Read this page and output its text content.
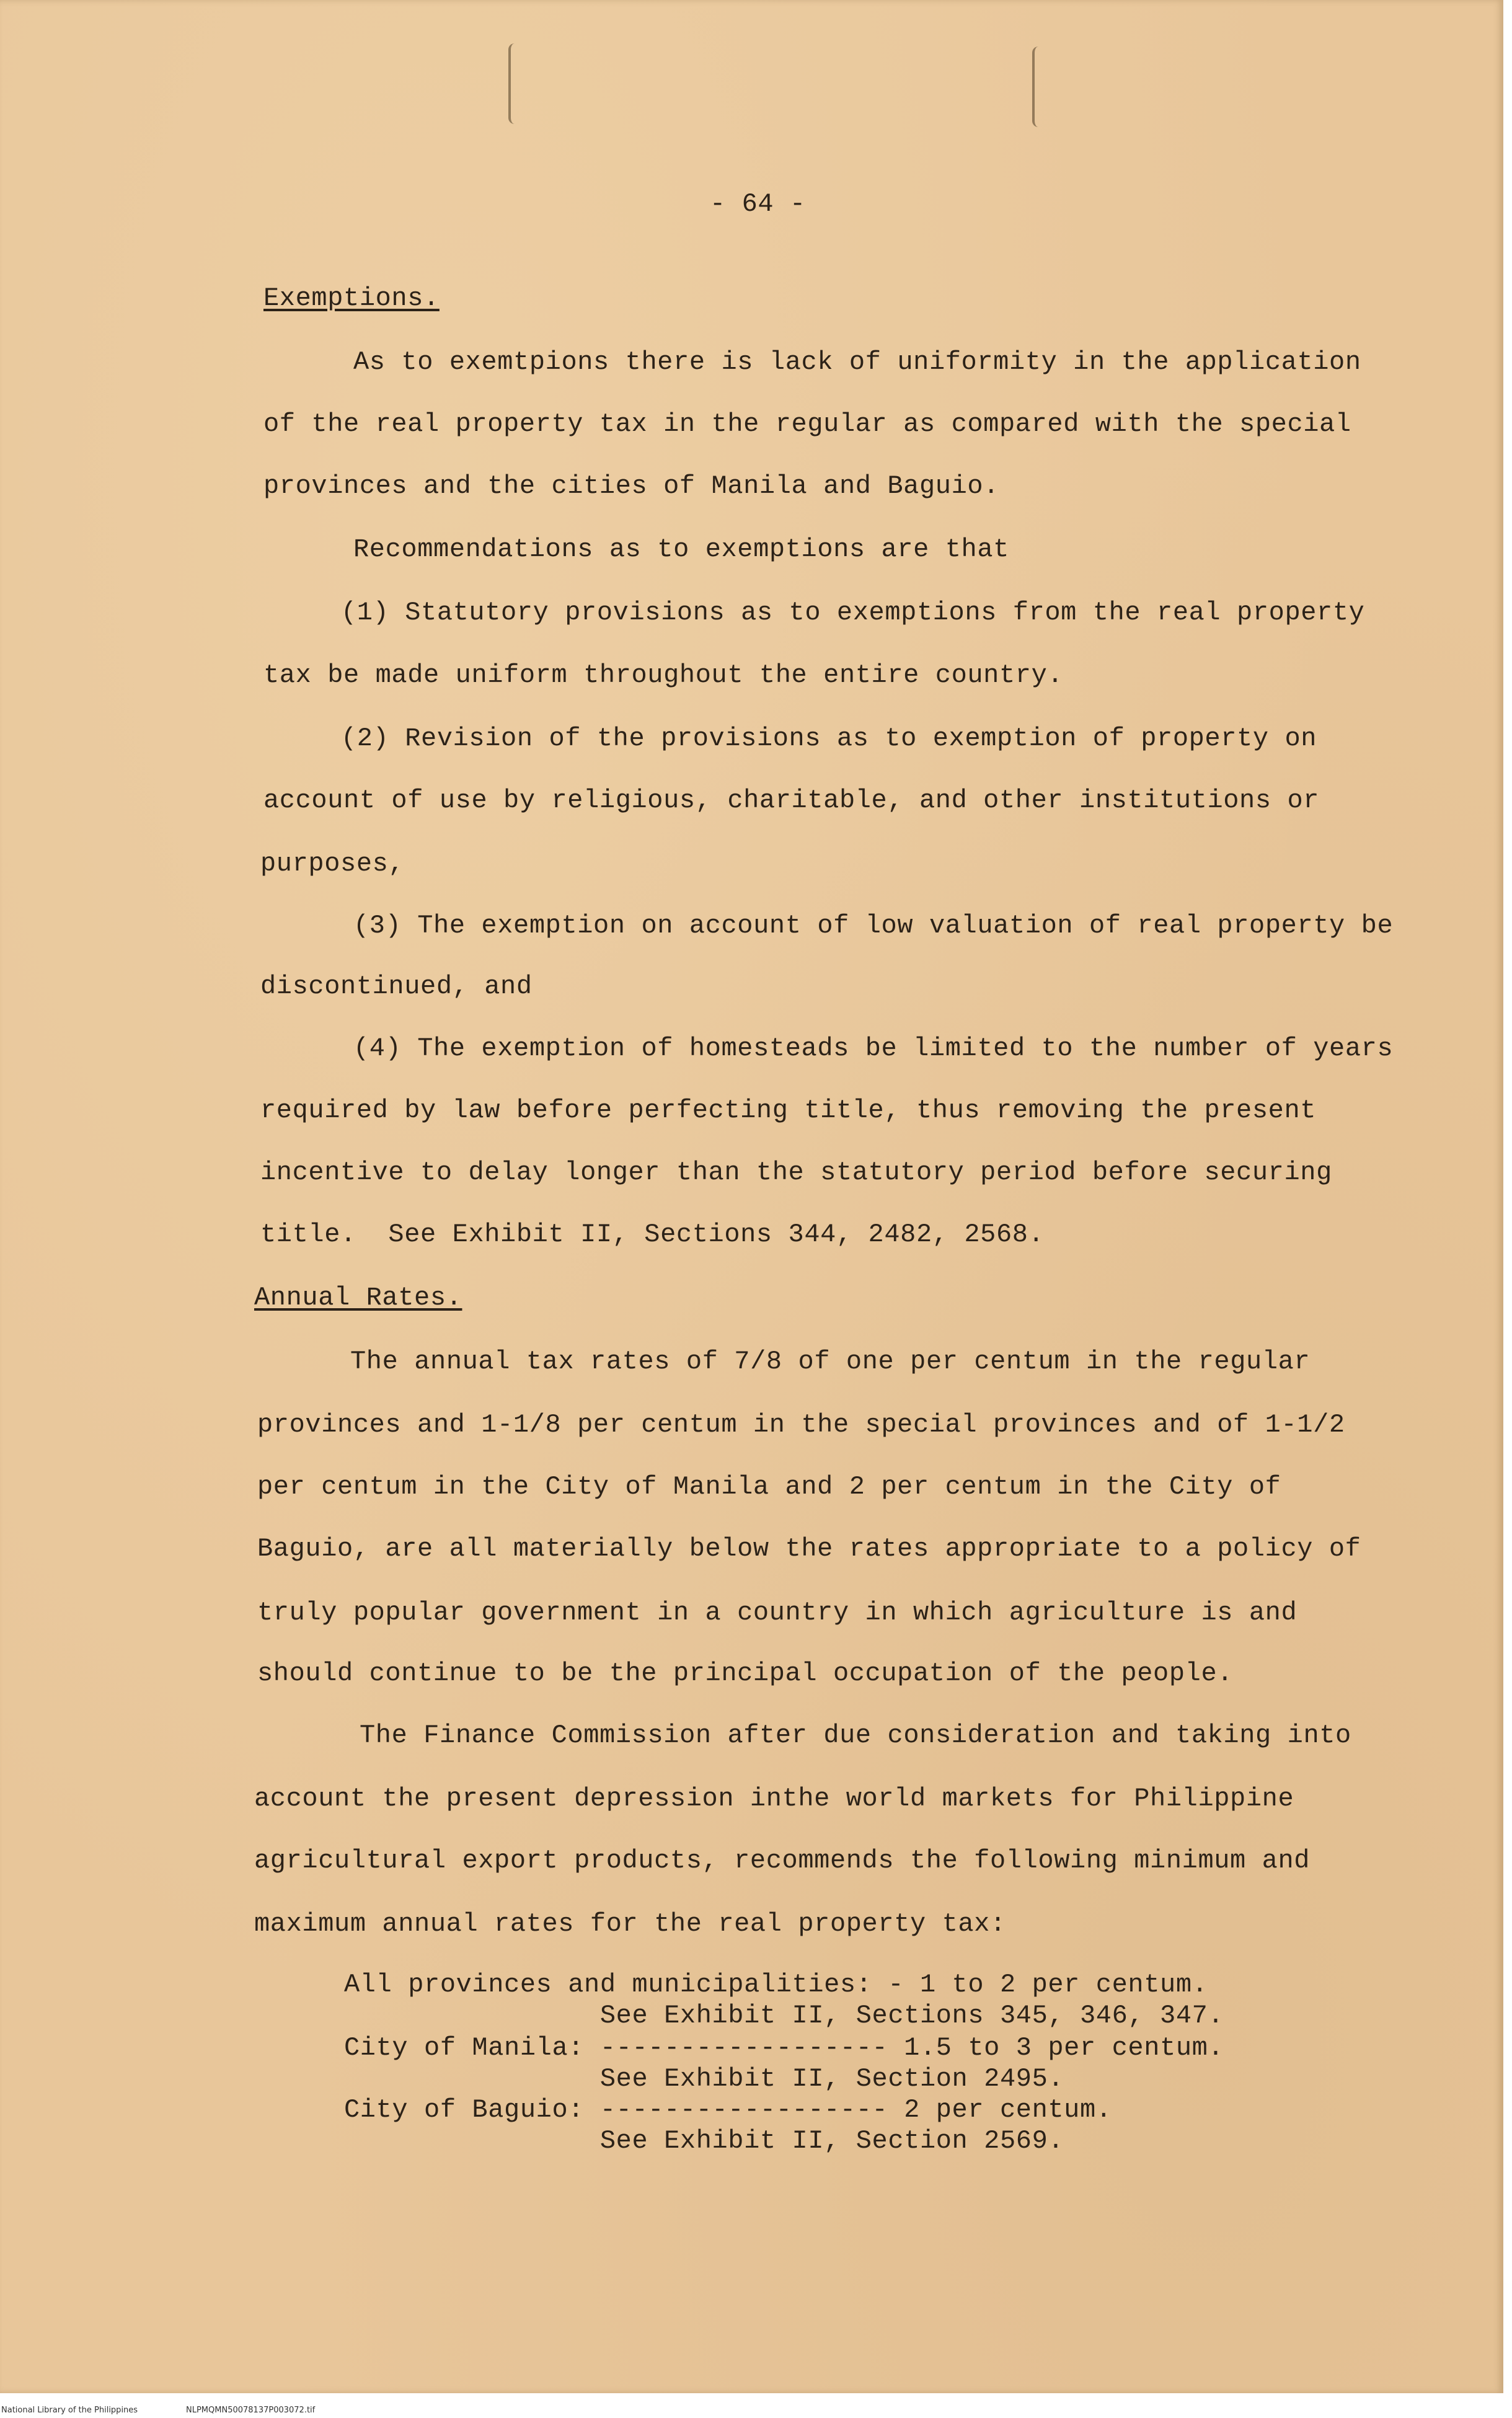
- 64 -

Exemptions.

As to exemtpions there is lack of uniformity in the application

of the real property tax in the regular as compared with the special

provinces and the cities of Manila and Baguio.

Recommendations as to exemptions are that

(1) Statutory provisions as to exemptions from the real property

tax be made uniform throughout the entire country.

(2) Revision of the provisions as to exemption of property on

account of use by religious, charitable, and other institutions or

purposes,

(3) The exemption on account of low valuation of real property be

discontinued, and

(4) The exemption of homesteads be limited to the number of years

required by law before perfecting title, thus removing the present

incentive to delay longer than the statutory period before securing

title.  See Exhibit II, Sections 344, 2482, 2568.

Annual Rates.

The annual tax rates of 7/8 of one per centum in the regular

provinces and 1-1/8 per centum in the special provinces and of 1-1/2

per centum in the City of Manila and 2 per centum in the City of

Baguio, are all materially below the rates appropriate to a policy of

truly popular government in a country in which agriculture is and

should continue to be the principal occupation of the people.

The Finance Commission after due consideration and taking into

account the present depression inthe world markets for Philippine

agricultural export products, recommends the following minimum and

maximum annual rates for the real property tax:

All provinces and municipalities: - 1 to 2 per centum.

See Exhibit II, Sections 345, 346, 347.

City of Manila: ------------------ 1.5 to 3 per centum.

See Exhibit II, Section 2495.

City of Baguio: ------------------ 2 per centum.

See Exhibit II, Section 2569.

National Library of the Philippines	NLPMQMN50078137P003072.tif
